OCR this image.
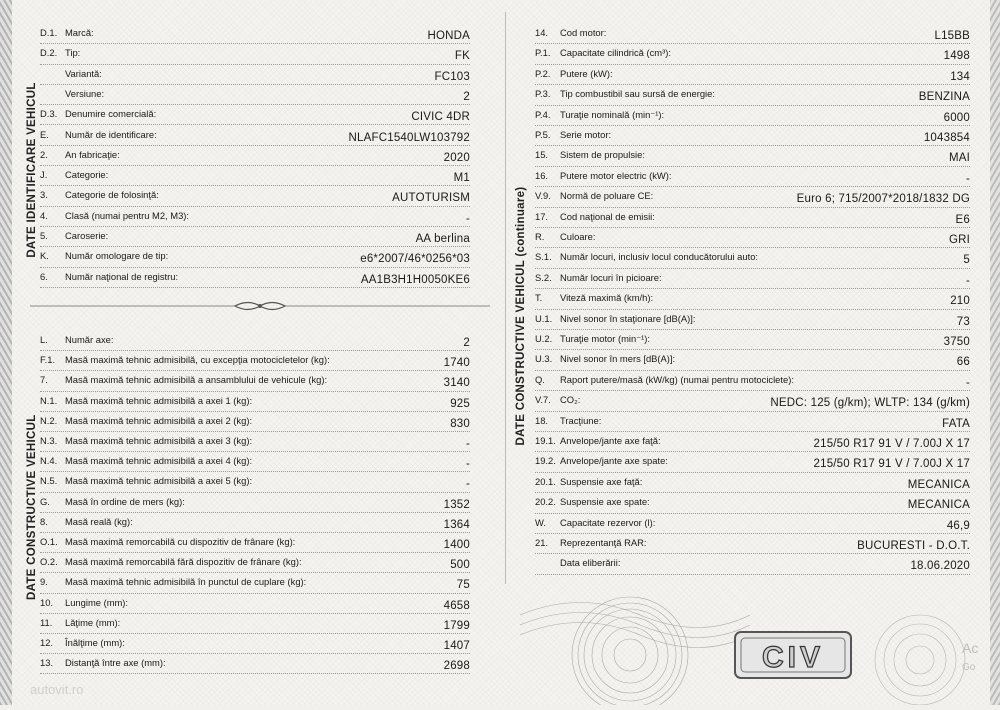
DATE IDENTIFICARE VEHICUL
DATE CONSTRUCTIVE VEHICUL
DATE CONSTRUCTIVE VEHICUL (continuare)
D.1. Marcă:	HONDA
D.2. Tip:	FK
Variantă:	FC103
Versiune:	2
D.3. Denumire comercială:	CIVIC 4DR
E.	Număr de identificare:	NLAFC1540LW103792
2.	An fabricaţie:	2020
J.	Categorie:	M1
3.	Categorie de folosinţă:	AUTOTURISM
4.	Clasă (numai pentru M2, M3):	-
5.	Caroserie:	AA berlina
K.	Număr omologare de tip:	e6*2007/46*0256*03
6.	Număr naţional de registru:	AA1B3H1H0050KE6
L.	Număr axe:	2
F.1.	Masă maximă tehnic admisibilă, cu excepţia motocicletelor (kg):	1740
7.	Masă maximă tehnic admisibilă a ansamblului de vehicule (kg):	3140
N.1. Masă maximă tehnic admisibilă a axei 1 (kg):	925
N.2. Masă maximă tehnic admisibilă a axei 2 (kg):	830
N.3. Masă maximă tehnic admisibilă a axei 3 (kg):	-
N.4. Masă maximă tehnic admisibilă a axei 4 (kg):	-
N.5. Masă maximă tehnic admisibilă a axei 5 (kg):	-
G.	Masă în ordine de mers (kg):	1352
8.	Masă reală (kg):	1364
O.1. Masă maximă remorcabilă cu dispozitiv de frânare (kg):	1400
O.2. Masă maximă remorcabilă fără dispozitiv de frânare (kg):	500
9.	Masă maximă tehnic admisibilă în punctul de cuplare (kg):	75
10.	Lungime (mm):	4658
11.	Lăţime (mm):	1799
12.	Înălţime (mm):	1407
13.	Distanţă între axe (mm):	2698
14.	Cod motor:	L15BB
P.1.	Capacitate cilindrică (cm³):	1498
P.2.	Putere (kW):	134
P.3.	Tip combustibil sau sursă de energie:	BENZINA
P.4.	Turaţie nominală (min⁻¹):	6000
P.5.	Serie motor:	1043854
15.	Sistem de propulsie:	MAI
16.	Putere motor electric (kW):	-
V.9. Normă de poluare CE:	Euro 6; 715/2007*2018/1832 DG
17.	Cod naţional de emisii:	E6
R.	Culoare:	GRI
S.1. Număr locuri, inclusiv locul conducătorului auto:	5
S.2. Număr locuri în picioare:	-
T.	Viteză maximă (km/h):	210
U.1. Nivel sonor în staţionare [dB(A)]:	73
U.2. Turaţie motor (min⁻¹):	3750
U.3. Nivel sonor în mers [dB(A)]:	66
Q.	Raport putere/masă (kW/kg) (numai pentru motociclete):	-
V.7. CO₂:	NEDC: 125 (g/km); WLTP: 134 (g/km)
18.	Tracţiune:	FATA
19.1. Anvelope/jante axe faţă:	215/50 R17 91 V / 7.00J X 17
19.2. Anvelope/jante axe spate:	215/50 R17 91 V / 7.00J X 17
20.1. Suspensie axe faţă:	MECANICA
20.2. Suspensie axe spate:	MECANICA
W.	Capacitate rezervor (l):	46,9
21.	Reprezentanţă RAR:	BUCURESTI - D.O.T.
Data eliberării:	18.06.2020
CIV	Ac
Go
autovit.ro
